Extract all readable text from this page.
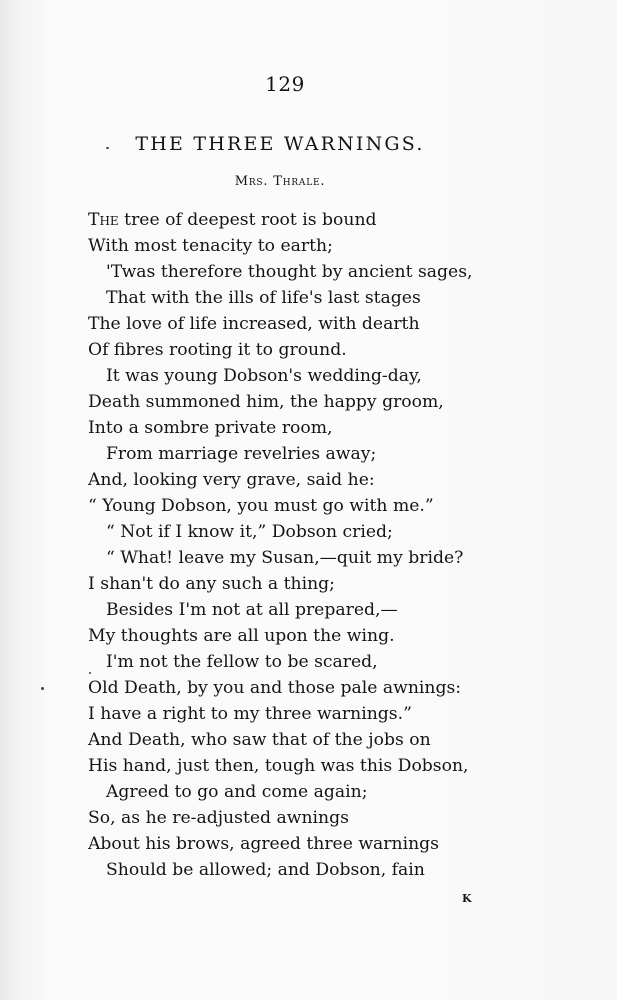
129
THE THREE WARNINGS.
Mrs. Thrale.
The tree of deepest root is bound
With most tenacity to earth;
'Twas therefore thought by ancient sages,
That with the ills of life's last stages
The love of life increased, with dearth
Of fibres rooting it to ground.
It was young Dobson's wedding-day,
Death summoned him, the happy groom,
Into a sombre private room,
From marriage revelries away;
And, looking very grave, said he:
“ Young Dobson, you must go with me.”
“ Not if I know it,” Dobson cried;
“ What! leave my Susan,—quit my bride?
I shan't do any such a thing;
Besides I'm not at all prepared,—
My thoughts are all upon the wing.
I'm not the fellow to be scared,
Old Death, by you and those pale awnings:
I have a right to my three warnings.”
And Death, who saw that of the jobs on
His hand, just then, tough was this Dobson,
Agreed to go and come again;
So, as he re-adjusted awnings
About his brows, agreed three warnings
Should be allowed; and Dobson, fain
K
